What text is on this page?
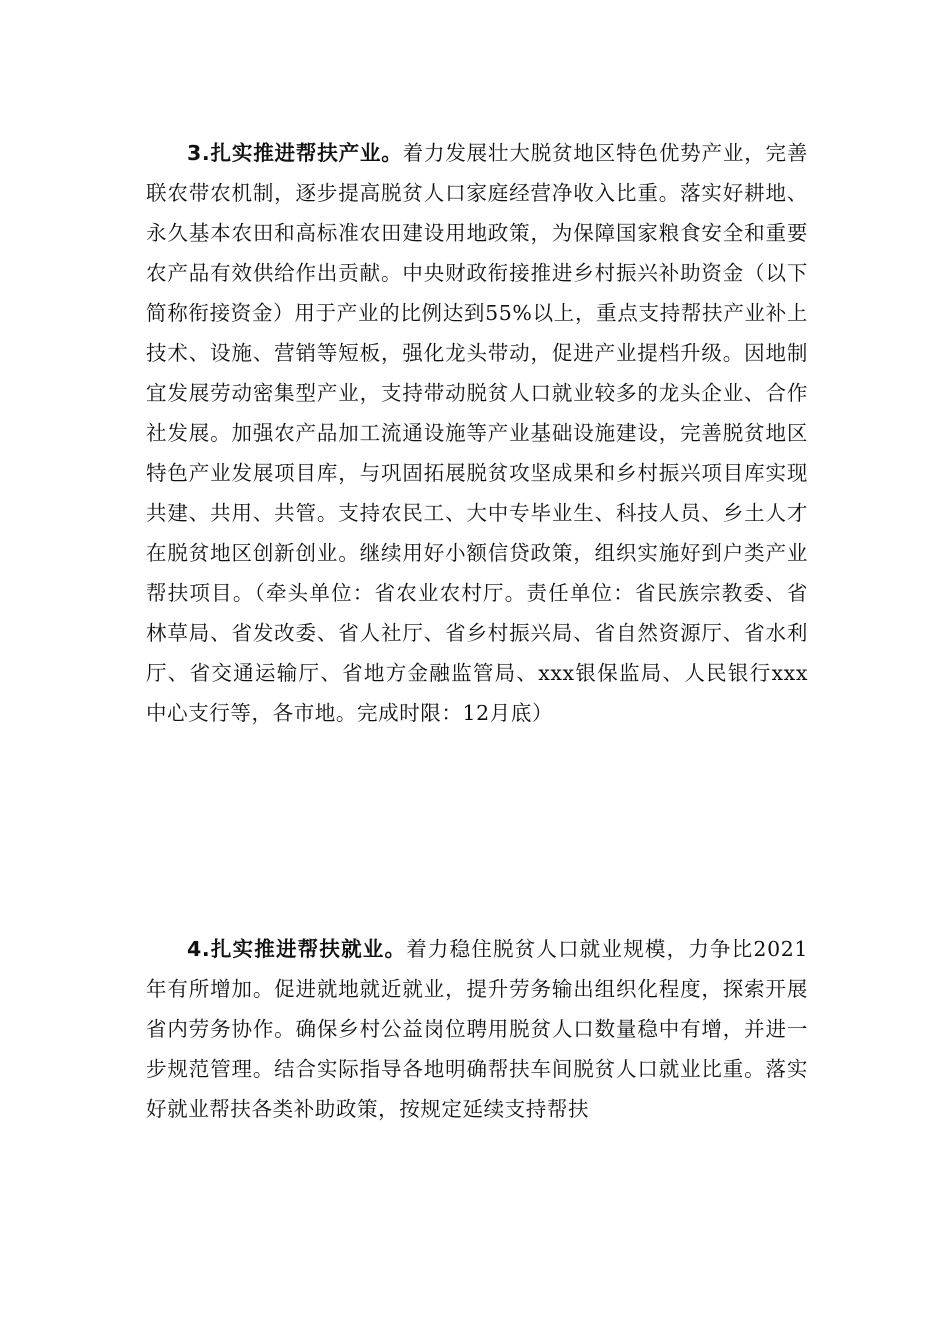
3.扎实推进帮扶产业。着力发展壮大脱贫地区特色优势产业，完善联农带农机制，逐步提高脱贫人口家庭经营净收入比重。落实好耕地、永久基本农田和高标准农田建设用地政策，为保障国家粮食安全和重要农产品有效供给作出贡献。中央财政衔接推进乡村振兴补助资金（以下简称衔接资金）用于产业的比例达到55%以上，重点支持帮扶产业补上技术、设施、营销等短板，强化龙头带动，促进产业提档升级。因地制宜发展劳动密集型产业，支持带动脱贫人口就业较多的龙头企业、合作社发展。加强农产品加工流通设施等产业基础设施建设，完善脱贫地区特色产业发展项目库，与巩固拓展脱贫攻坚成果和乡村振兴项目库实现共建、共用、共管。支持农民工、大中专毕业生、科技人员、乡土人才在脱贫地区创新创业。继续用好小额信贷政策，组织实施好到户类产业帮扶项目。（牵头单位：省农业农村厅。责任单位：省民族宗教委、省林草局、省发改委、省人社厅、省乡村振兴局、省自然资源厅、省水利厅、省交通运输厅、省地方金融监管局、xxx银保监局、人民银行xxx中心支行等，各市地。完成时限：12月底）

4.扎实推进帮扶就业。着力稳住脱贫人口就业规模，力争比2021年有所增加。促进就地就近就业，提升劳务输出组织化程度，探索开展省内劳务协作。确保乡村公益岗位聘用脱贫人口数量稳中有增，并进一步规范管理。结合实际指导各地明确帮扶车间脱贫人口就业比重。落实好就业帮扶各类补助政策，按规定延续支持帮扶
